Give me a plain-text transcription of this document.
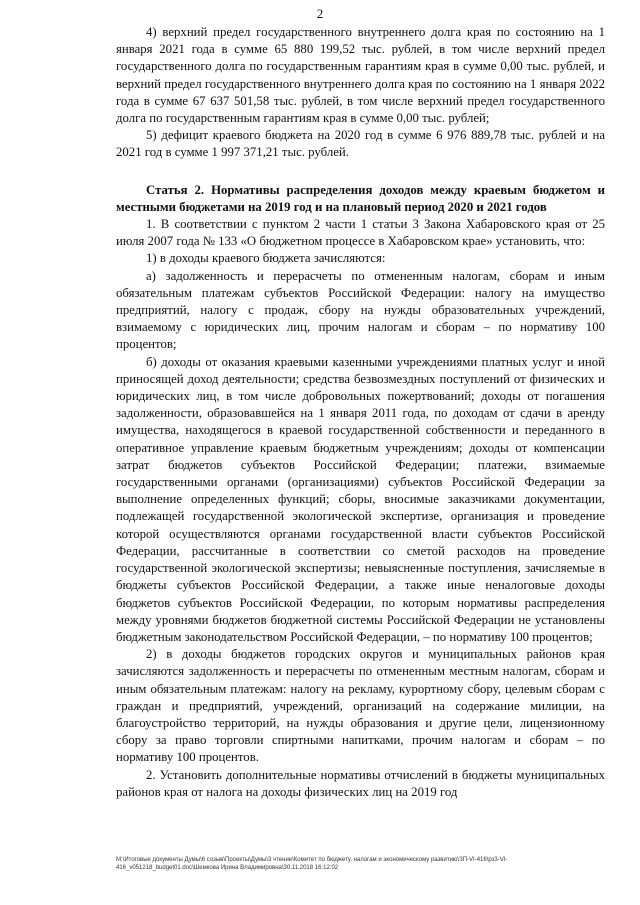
2

4) верхний предел государственного внутреннего долга края по состоянию на 1 января 2021 года в сумме 65 880 199,52 тыс. рублей, в том числе верхний предел государственного долга по государственным гарантиям края в сумме 0,00 тыс. рублей, и верхний предел государственного внутреннего долга края по состоянию на 1 января 2022 года в сумме 67 637 501,58 тыс. рублей, в том числе верхний предел государственного долга по государственным гарантиям края в сумме 0,00 тыс. рублей;

5) дефицит краевого бюджета на 2020 год в сумме 6 976 889,78 тыс. рублей и на 2021 год в сумме 1 997 371,21 тыс. рублей.

Статья 2. Нормативы распределения доходов между краевым бюджетом и местными бюджетами на 2019 год и на плановый период 2020 и 2021 годов

1. В соответствии с пунктом 2 части 1 статьи 3 Закона Хабаровского края от 25 июля 2007 года № 133 «О бюджетном процессе в Хабаровском крае» установить, что:

1) в доходы краевого бюджета зачисляются:

а) задолженность и перерасчеты по отмененным налогам, сборам и иным обязательным платежам субъектов Российской Федерации: налогу на имущество предприятий, налогу с продаж, сбору на нужды образовательных учреждений, взимаемому с юридических лиц, прочим налогам и сборам – по нормативу 100 процентов;

б) доходы от оказания краевыми казенными учреждениями платных услуг и иной приносящей доход деятельности; средства безвозмездных поступлений от физических и юридических лиц, в том числе добровольных пожертвований; доходы от погашения задолженности, образовавшейся на 1 января 2011 года, по доходам от сдачи в аренду имущества, находящегося в краевой государственной собственности и переданного в оперативное управление краевым бюджетным учреждениям; доходы от компенсации затрат бюджетов субъектов Российской Федерации; платежи, взимаемые государственными органами (организациями) субъектов Российской Федерации за выполнение определенных функций; сборы, вносимые заказчиками документации, подлежащей государственной экологической экспертизе, организация и проведение которой осуществляются органами государственной власти субъектов Российской Федерации, рассчитанные в соответствии со сметой расходов на проведение государственной экологической экспертизы; невыясненные поступления, зачисляемые в бюджеты субъектов Российской Федерации, а также иные неналоговые доходы бюджетов субъектов Российской Федерации, по которым нормативы распределения между уровнями бюджетов бюджетной системы Российской Федерации не установлены бюджетным законодательством Российской Федерации, – по нормативу 100 процентов;

2) в доходы бюджетов городских округов и муниципальных районов края зачисляются задолженность и перерасчеты по отмененным местным налогам, сборам и иным обязательным платежам: налогу на рекламу, курортному сбору, целевым сборам с граждан и предприятий, учреждений, организаций на содержание милиции, на благоустройство территорий, на нужды образования и другие цели, лицензионному сбору за право торговли спиртными напитками, прочим налогам и сборам – по нормативу 100 процентов.

2. Установить дополнительные нормативы отчислений в бюджеты муниципальных районов края от налога на доходы физических лиц на 2019 год

M:\Итоговые документы Думы\6 созыв\Проекты\Думы\3 чтение\Комитет по бюджету, налогам и экономическому развитию\ЗП-VI-416\рз3-VI-416_v051218_budget01.doc\Шемкова Ирина Владимировна\30.11.2018 16:12:02
